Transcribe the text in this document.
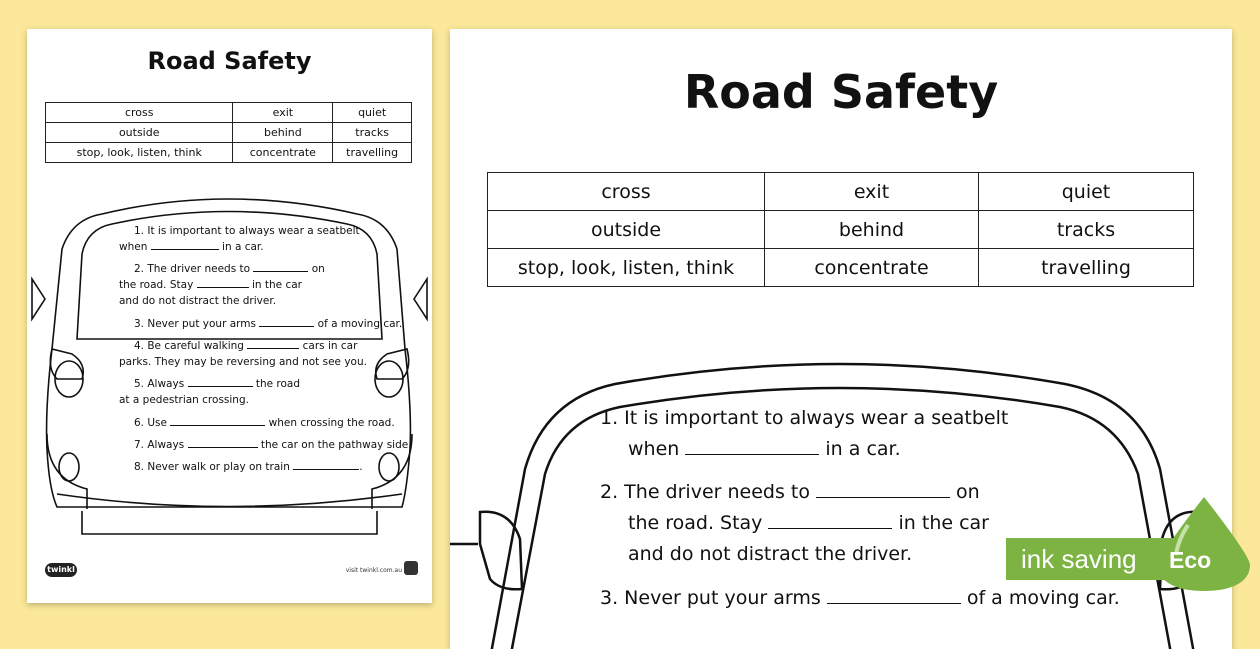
Road Safety
cross	exit	quiet
outside	behind	tracks
stop, look, listen, think	concentrate	travelling
1. It is important to always wear a seatbelt
when	in a car.
2. The driver needs to	on
the road. Stay	in the car
and do not distract the driver.
3. Never put your arms	of a moving car.
4. Be careful walking	cars in car
parks. They may be reversing and not see you.
5. Always	the road
at a pedestrian crossing.
6. Use	when crossing the road.
7. Always	the car on the pathway side.
8. Never walk or play on train	.
twinkl	visit twinkl.com.au
Road Safety
cross	exit	quiet
outside	behind	tracks
stop, look, listen, think	concentrate	travelling
1. It is important to always wear a seatbelt
when	in a car.
2. The driver needs to	on
the road. Stay	in the car
and do not distract the driver.
3. Never put your arms	of a moving car.
ink saving Eco
